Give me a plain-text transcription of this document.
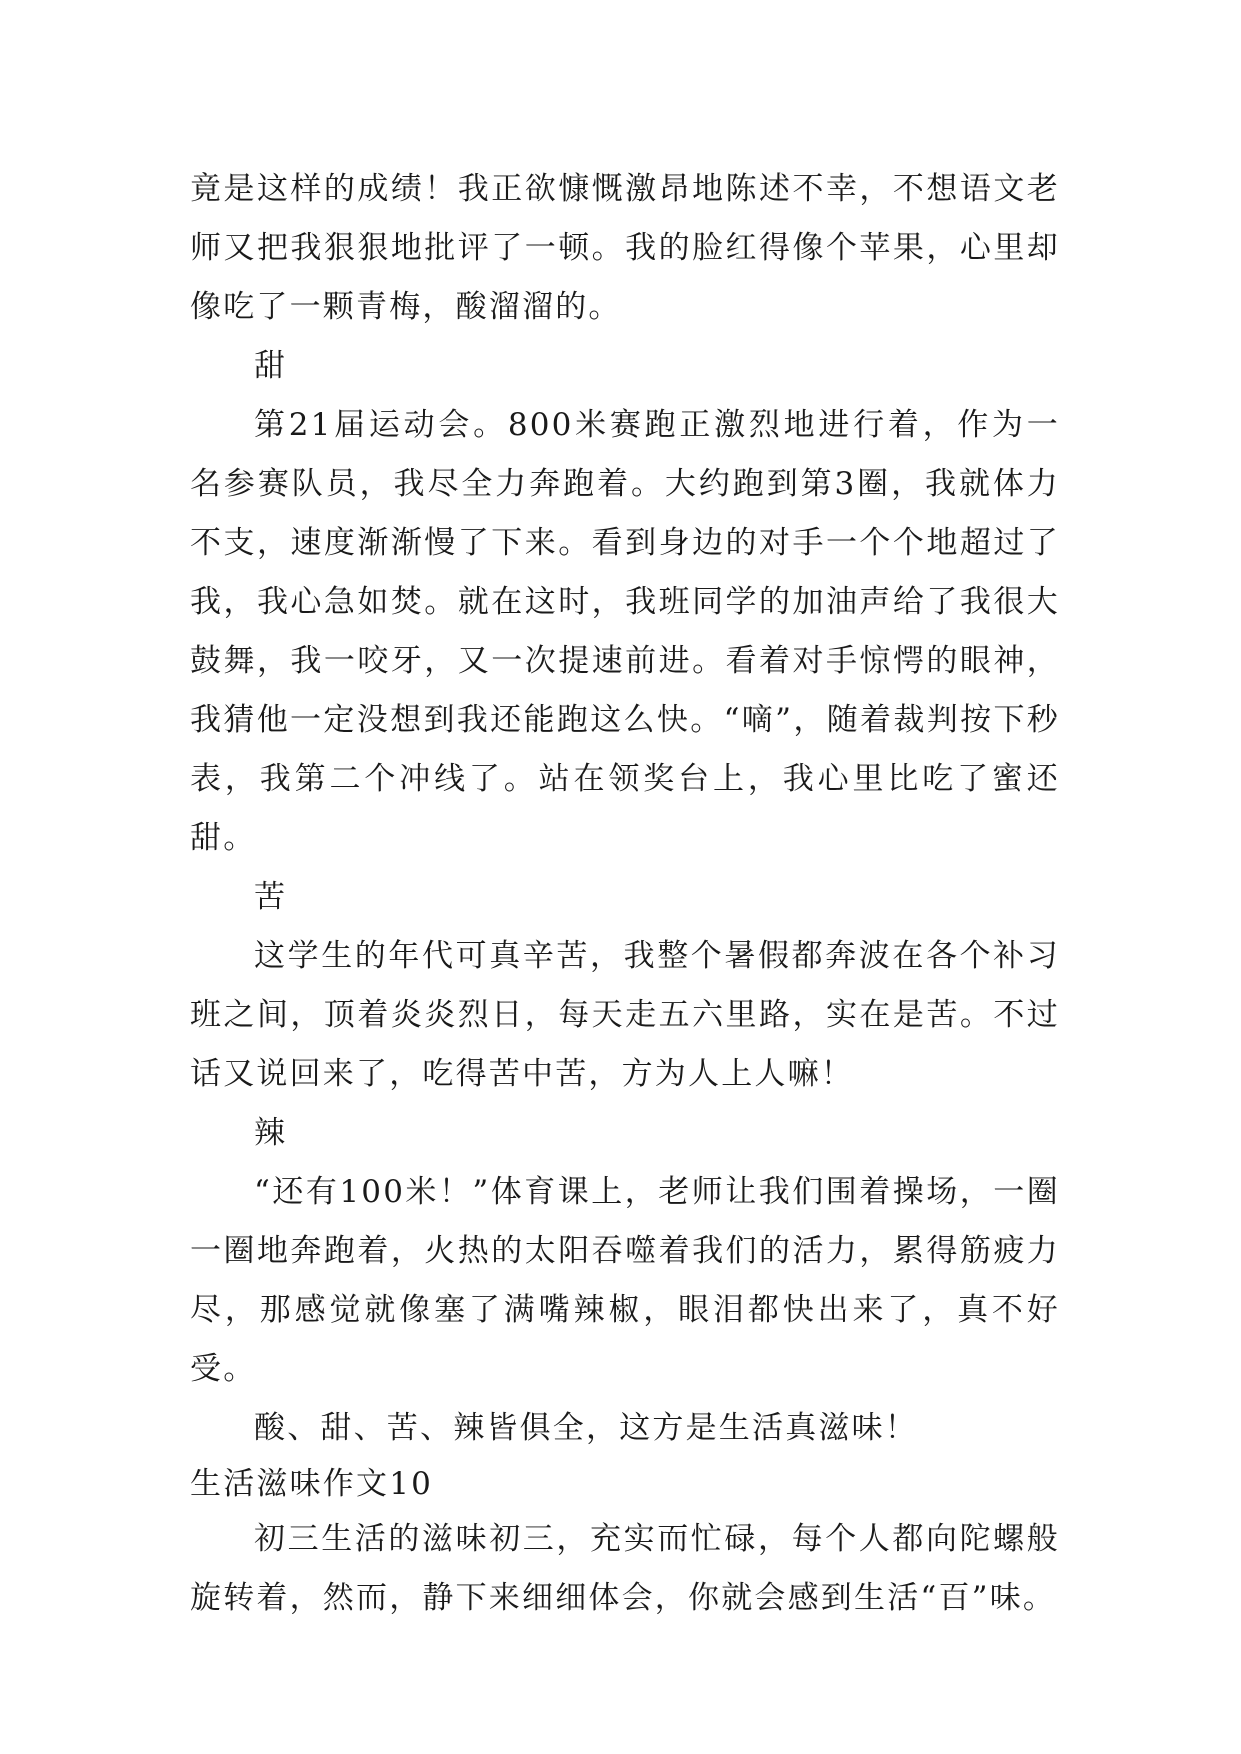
竟是这样的成绩！我正欲慷慨激昂地陈述不幸，不想语文老师又把我狠狠地批评了一顿。我的脸红得像个苹果，心里却像吃了一颗青梅，酸溜溜的。

甜

第21届运动会。800米赛跑正激烈地进行着，作为一名参赛队员，我尽全力奔跑着。大约跑到第3圈，我就体力不支，速度渐渐慢了下来。看到身边的对手一个个地超过了我，我心急如焚。就在这时，我班同学的加油声给了我很大鼓舞，我一咬牙，又一次提速前进。看着对手惊愕的眼神，我猜他一定没想到我还能跑这么快。“嘀”，随着裁判按下秒表，我第二个冲线了。站在领奖台上，我心里比吃了蜜还甜。

苦

这学生的年代可真辛苦，我整个暑假都奔波在各个补习班之间，顶着炎炎烈日，每天走五六里路，实在是苦。不过话又说回来了，吃得苦中苦，方为人上人嘛！

辣

“还有100米！”体育课上，老师让我们围着操场，一圈一圈地奔跑着，火热的太阳吞噬着我们的活力，累得筋疲力尽，那感觉就像塞了满嘴辣椒，眼泪都快出来了，真不好受。

酸、甜、苦、辣皆俱全，这方是生活真滋味！

生活滋味作文10

初三生活的滋味初三，充实而忙碌，每个人都向陀螺般旋转着，然而，静下来细细体会，你就会感到生活“百”味。
